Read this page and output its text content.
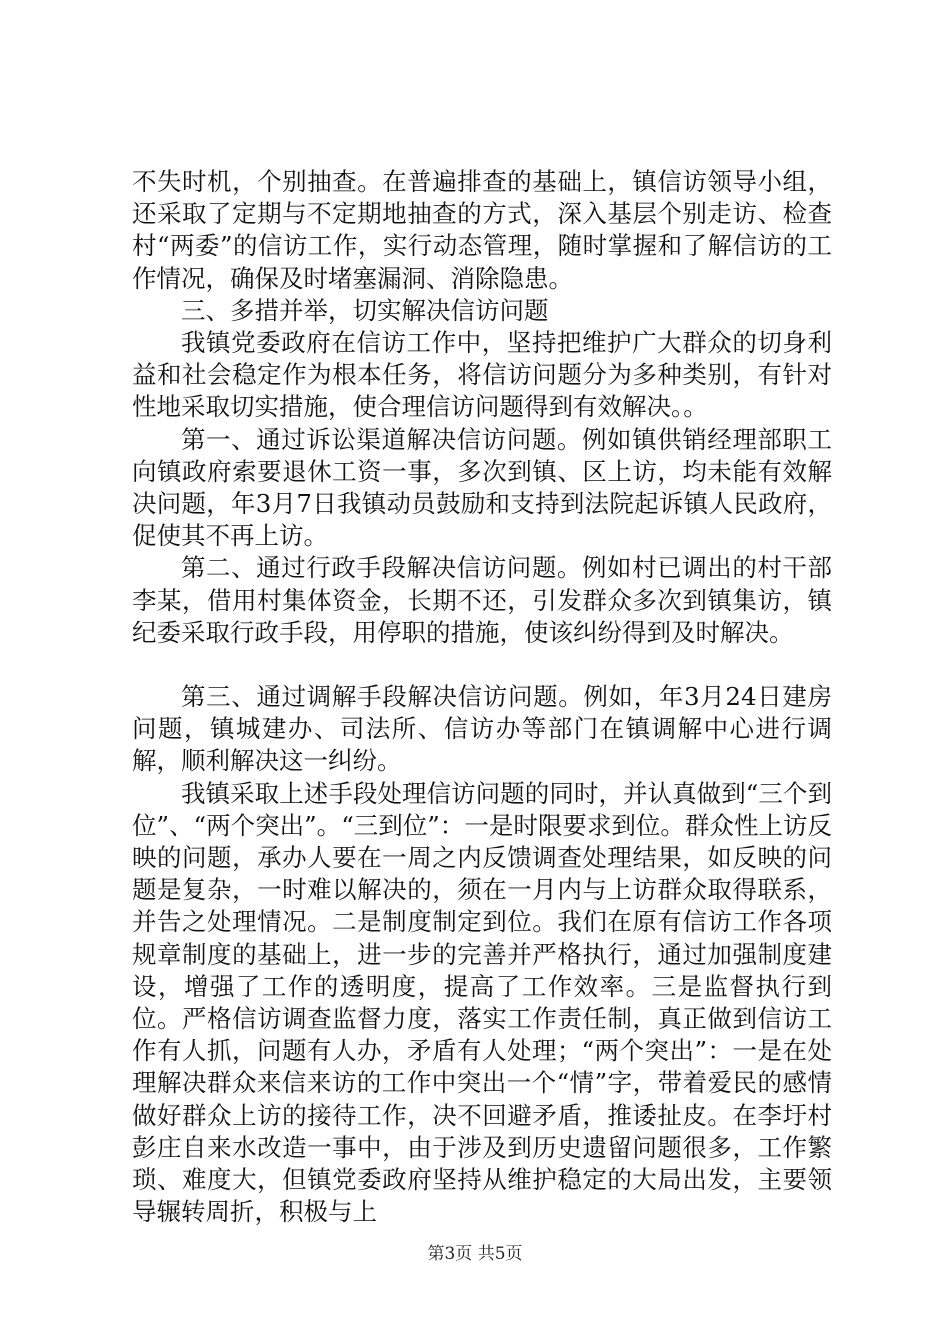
不失时机，个别抽查。在普遍排查的基础上，镇信访领导小组，还采取了定期与不定期地抽查的方式，深入基层个别走访、检查村“两委”的信访工作，实行动态管理，随时掌握和了解信访的工作情况，确保及时堵塞漏洞、消除隐患。

三、多措并举，切实解决信访问题

我镇党委政府在信访工作中，坚持把维护广大群众的切身利益和社会稳定作为根本任务，将信访问题分为多种类别，有针对性地采取切实措施，使合理信访问题得到有效解决。。

第一、通过诉讼渠道解决信访问题。例如镇供销经理部职工向镇政府索要退休工资一事，多次到镇、区上访，均未能有效解决问题，年3月7日我镇动员鼓励和支持到法院起诉镇人民政府，促使其不再上访。

第二、通过行政手段解决信访问题。例如村已调出的村干部李某，借用村集体资金，长期不还，引发群众多次到镇集访，镇纪委采取行政手段，用停职的措施，使该纠纷得到及时解决。

第三、通过调解手段解决信访问题。例如，年3月24日建房问题，镇城建办、司法所、信访办等部门在镇调解中心进行调解，顺利解决这一纠纷。

我镇采取上述手段处理信访问题的同时，并认真做到“三个到位”、“两个突出”。“三到位”：一是时限要求到位。群众性上访反映的问题，承办人要在一周之内反馈调查处理结果，如反映的问题是复杂，一时难以解决的，须在一月内与上访群众取得联系，并告之处理情况。二是制度制定到位。我们在原有信访工作各项规章制度的基础上，进一步的完善并严格执行，通过加强制度建设，增强了工作的透明度，提高了工作效率。三是监督执行到位。严格信访调查监督力度，落实工作责任制，真正做到信访工作有人抓，问题有人办，矛盾有人处理；“两个突出”：一是在处理解决群众来信来访的工作中突出一个“情”字，带着爱民的感情做好群众上访的接待工作，决不回避矛盾，推诿扯皮。在李圩村彭庄自来水改造一事中，由于涉及到历史遗留问题很多，工作繁琐、难度大，但镇党委政府坚持从维护稳定的大局出发，主要领导辗转周折，积极与上

第3页 共5页
